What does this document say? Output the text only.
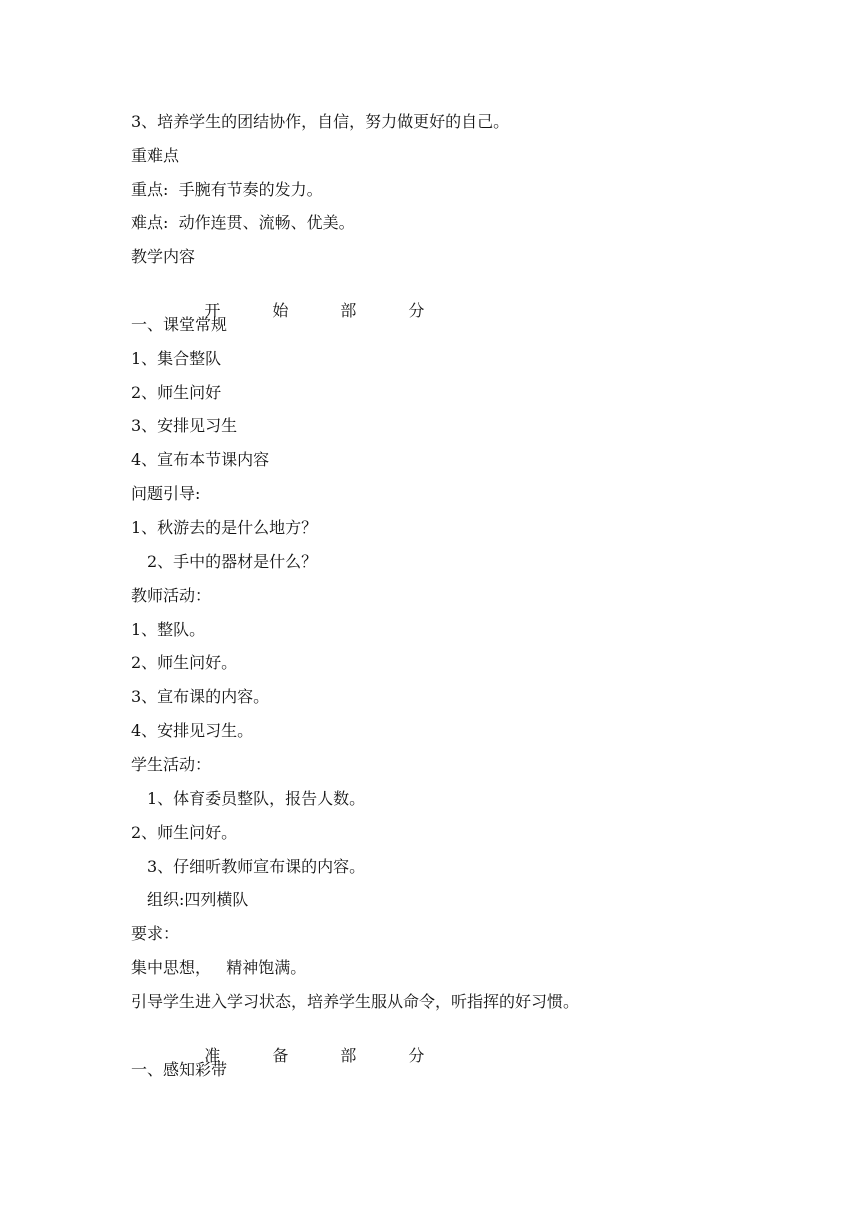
3、培养学生的团结协作，自信，努力做更好的自己。
重难点
重点:  手腕有节奏的发力。
难点:  动作连贯、流畅、优美。
教学内容

开	始	部	分

一、课堂常规
1、集合整队
2、师生问好
3、安排见习生
4、宣布本节课内容
问题引导:
1、秋游去的是什么地方？
2、手中的器材是什么？
教师活动：
1、整队。
2、师生问好。
3、宣布课的内容。
4、安排见习生。
学生活动：
1、体育委员整队，报告人数。
2、师生问好。
3、仔细听教师宣布课的内容。
组织:四列横队
要求：
集中思想，   精神饱满。
引导学生进入学习状态，培养学生服从命令，听指挥的好习惯。

准	备	部	分

一、感知彩带
